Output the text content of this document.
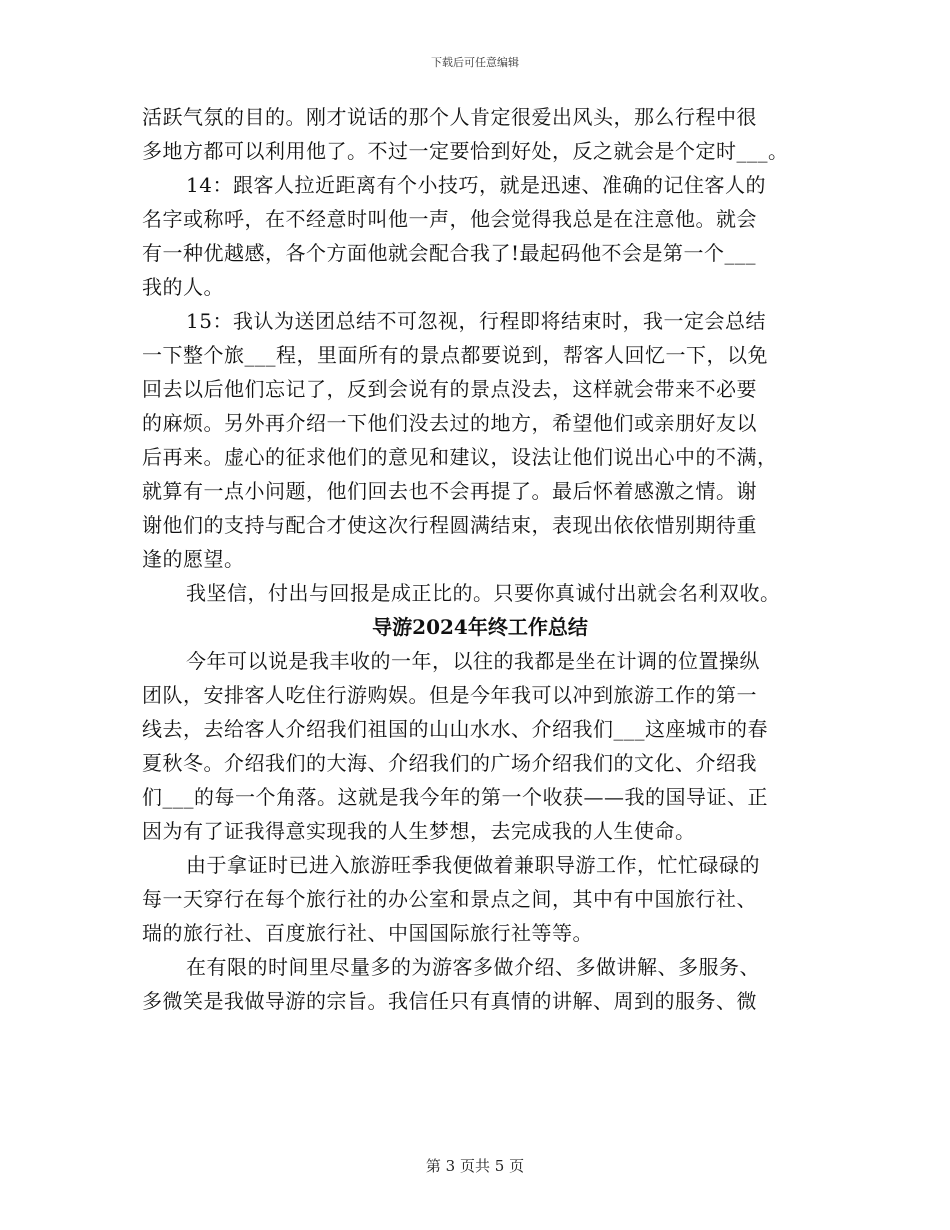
下载后可任意编辑
活跃气氛的目的。刚才说话的那个人肯定很爱出风头，那么行程中很
多地方都可以利用他了。不过一定要恰到好处，反之就会是个定时___。
14：跟客人拉近距离有个小技巧，就是迅速、准确的记住客人的
名字或称呼，在不经意时叫他一声，他会觉得我总是在注意他。就会
有一种优越感，各个方面他就会配合我了!最起码他不会是第一个___
我的人。
15：我认为送团总结不可忽视，行程即将结束时，我一定会总结
一下整个旅___程，里面所有的景点都要说到，帮客人回忆一下，以免
回去以后他们忘记了，反到会说有的景点没去，这样就会带来不必要
的麻烦。另外再介绍一下他们没去过的地方，希望他们或亲朋好友以
后再来。虚心的征求他们的意见和建议，设法让他们说出心中的不满，
就算有一点小问题，他们回去也不会再提了。最后怀着感激之情。谢
谢他们的支持与配合才使这次行程圆满结束，表现出依依惜别期待重
逢的愿望。
我坚信，付出与回报是成正比的。只要你真诚付出就会名利双收。
导游2024年终工作总结
今年可以说是我丰收的一年，以往的我都是坐在计调的位置操纵
团队，安排客人吃住行游购娱。但是今年我可以冲到旅游工作的第一
线去，去给客人介绍我们祖国的山山水水、介绍我们___这座城市的春
夏秋冬。介绍我们的大海、介绍我们的广场介绍我们的文化、介绍我
们___的每一个角落。这就是我今年的第一个收获——我的国导证、正
因为有了证我得意实现我的人生梦想，去完成我的人生使命。
由于拿证时已进入旅游旺季我便做着兼职导游工作，忙忙碌碌的
每一天穿行在每个旅行社的办公室和景点之间，其中有中国旅行社、
瑞的旅行社、百度旅行社、中国国际旅行社等等。
在有限的时间里尽量多的为游客多做介绍、多做讲解、多服务、
多微笑是我做导游的宗旨。我信任只有真情的讲解、周到的服务、微
第 3 页共 5 页
